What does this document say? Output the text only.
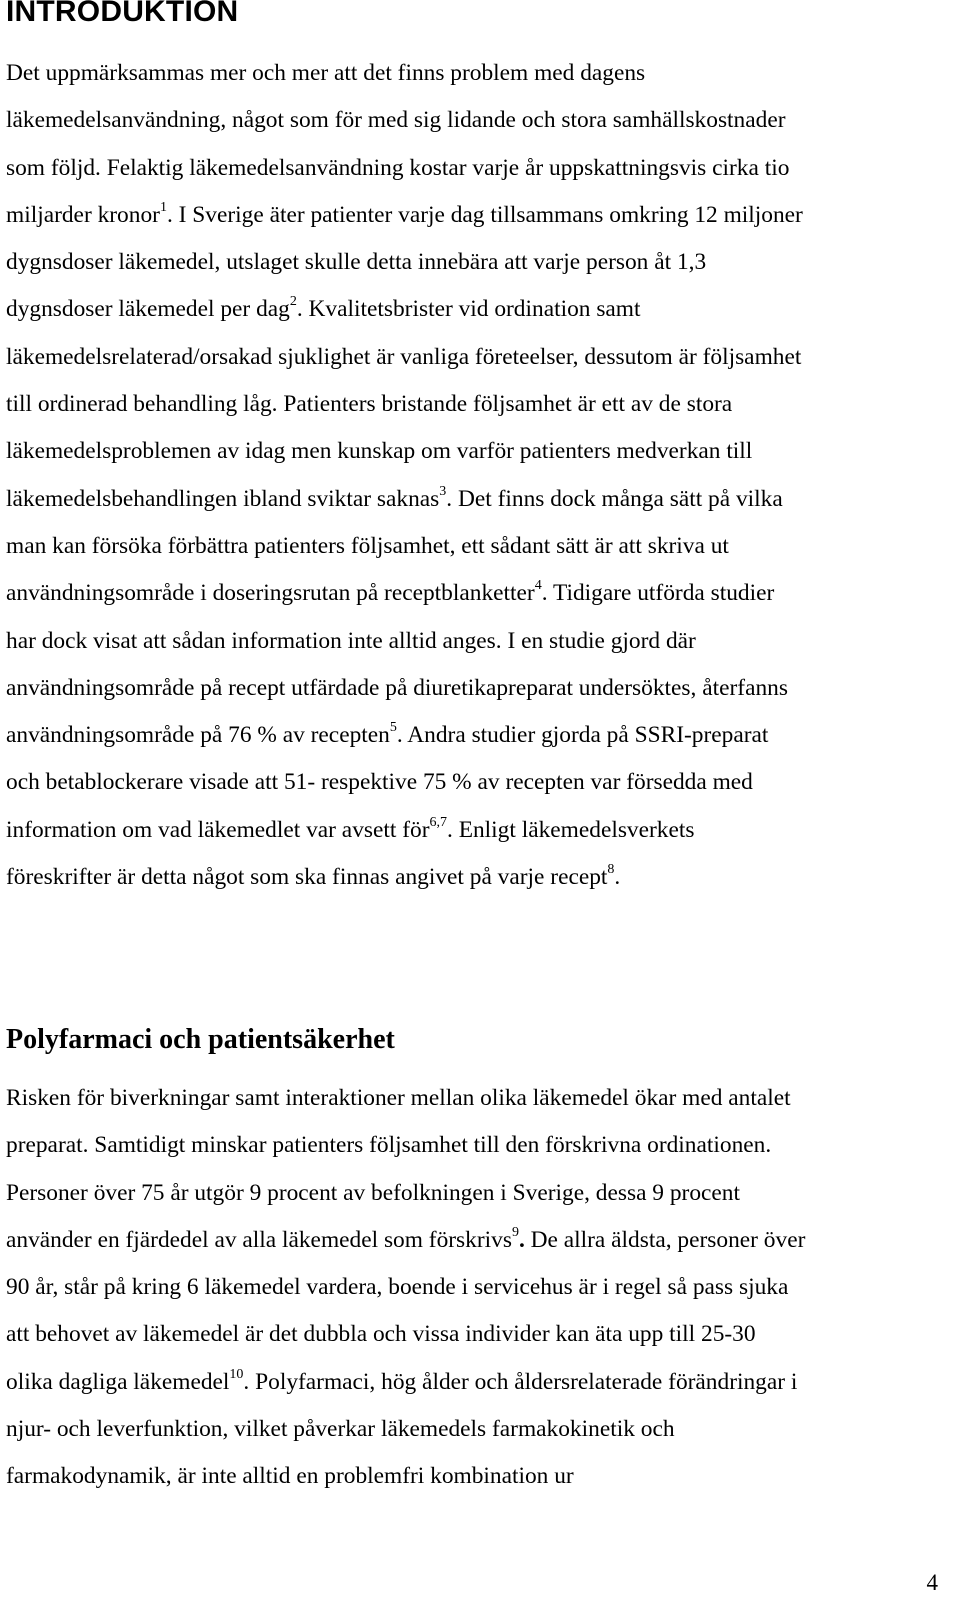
INTRODUKTION
Det uppmärksammas mer och mer att det finns problem med dagens
läkemedelsanvändning, något som för med sig lidande och stora samhällskostnader
som följd. Felaktig läkemedelsanvändning kostar varje år uppskattningsvis cirka tio
miljarder kronor$^1$. I Sverige äter patienter varje dag tillsammans omkring 12 miljoner
dygnsdoser läkemedel, utslaget skulle detta innebära att varje person åt 1,3
dygnsdoser läkemedel per dag$^2$. Kvalitetsbrister vid ordination samt
läkemedelsrelaterad/orsakad sjuklighet är vanliga företeelser, dessutom är följsamhet
till ordinerad behandling låg. Patienters bristande följsamhet är ett av de stora
läkemedelsproblemen av idag men kunskap om varför patienters medverkan till
läkemedelsbehandlingen ibland sviktar saknas$^3$. Det finns dock många sätt på vilka
man kan försöka förbättra patienters följsamhet, ett sådant sätt är att skriva ut
användningsområde i doseringsrutan på receptblanketter$^4$. Tidigare utförda studier
har dock visat att sådan information inte alltid anges. I en studie gjord där
användningsområde på recept utfärdade på diuretikapreparat undersöktes, återfanns
användningsområde på 76 % av recepten$^5$. Andra studier gjorda på SSRI-preparat
och betablockerare visade att 51- respektive 75 % av recepten var försedda med
information om vad läkemedlet var avsett för$^{6,7}$. Enligt läkemedelsverkets
föreskrifter är detta något som ska finnas angivet på varje recept$^8$.
Polyfarmaci och patientsäkerhet
Risken för biverkningar samt interaktioner mellan olika läkemedel ökar med antalet
preparat. Samtidigt minskar patienters följsamhet till den förskrivna ordinationen.
Personer över 75 år utgör 9 procent av befolkningen i Sverige, dessa 9 procent
använder en fjärdedel av alla läkemedel som förskrivs$^9$. De allra äldsta, personer över
90 år, står på kring 6 läkemedel vardera, boende i servicehus är i regel så pass sjuka
att behovet av läkemedel är det dubbla och vissa individer kan äta upp till 25-30
olika dagliga läkemedel$^{10}$. Polyfarmaci, hög ålder och åldersrelaterade förändringar i
njur- och leverfunktion, vilket påverkar läkemedels farmakokinetik och
farmakodynamik, är inte alltid en problemfri kombination ur
4
